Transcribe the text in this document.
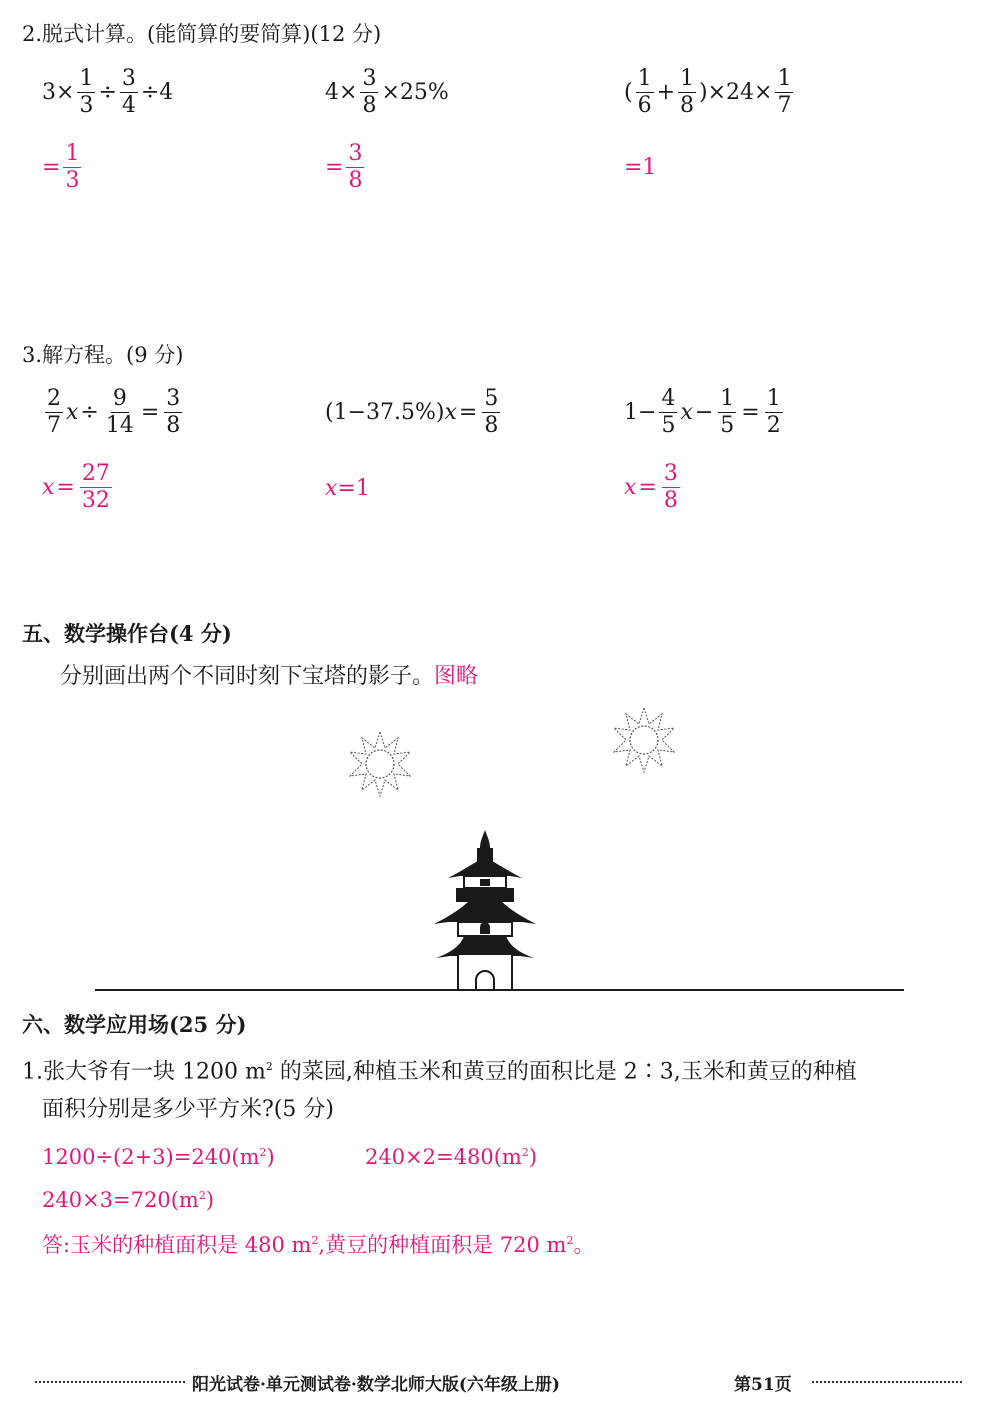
2.脱式计算。(能简算的要简算)(12 分)
$3\times \frac{1}{3} \div \frac{3}{4} \div 4$	$4\times \frac{3}{8} \times 25\%$	( $\frac{1}{6} + \frac{1}{8} )\times 24\times \frac{1}{7}$
= $\frac{1}{3}$	= $\frac{3}{8}$	=1
3.解方程。(9 分)
$\frac{2}{7}$ $x \div \frac{9}{14} = \frac{3}{8}$	(1−37.5%) $x = \frac{5}{8}$	$1- \frac{4}{5}$ $x - \frac{1}{5} = \frac{1}{2}$
$x = \frac{27}{32}$	x =1	$x = \frac{3}{8}$
五、数学操作台(4 分)
分别画出两个不同时刻下宝塔的影子。图略
六、数学应用场(25 分)
1.张大爷有一块 1200 $m^2$ 的菜园,种植玉米和黄豆的面积比是 2∶3,玉米和黄豆的种植
面积分别是多少平方米?(5 分)
$1200\div(2+3)=240(m^2)$	$240\times 2=480(m^2)$
$240\times 3=720(m^2)$
答:玉米的种植面积是 480 $m^2$,黄豆的种植面积是 720 $m^2$。
阳光试卷·单元测试卷·数学北师大版(六年级上册)	第51页
